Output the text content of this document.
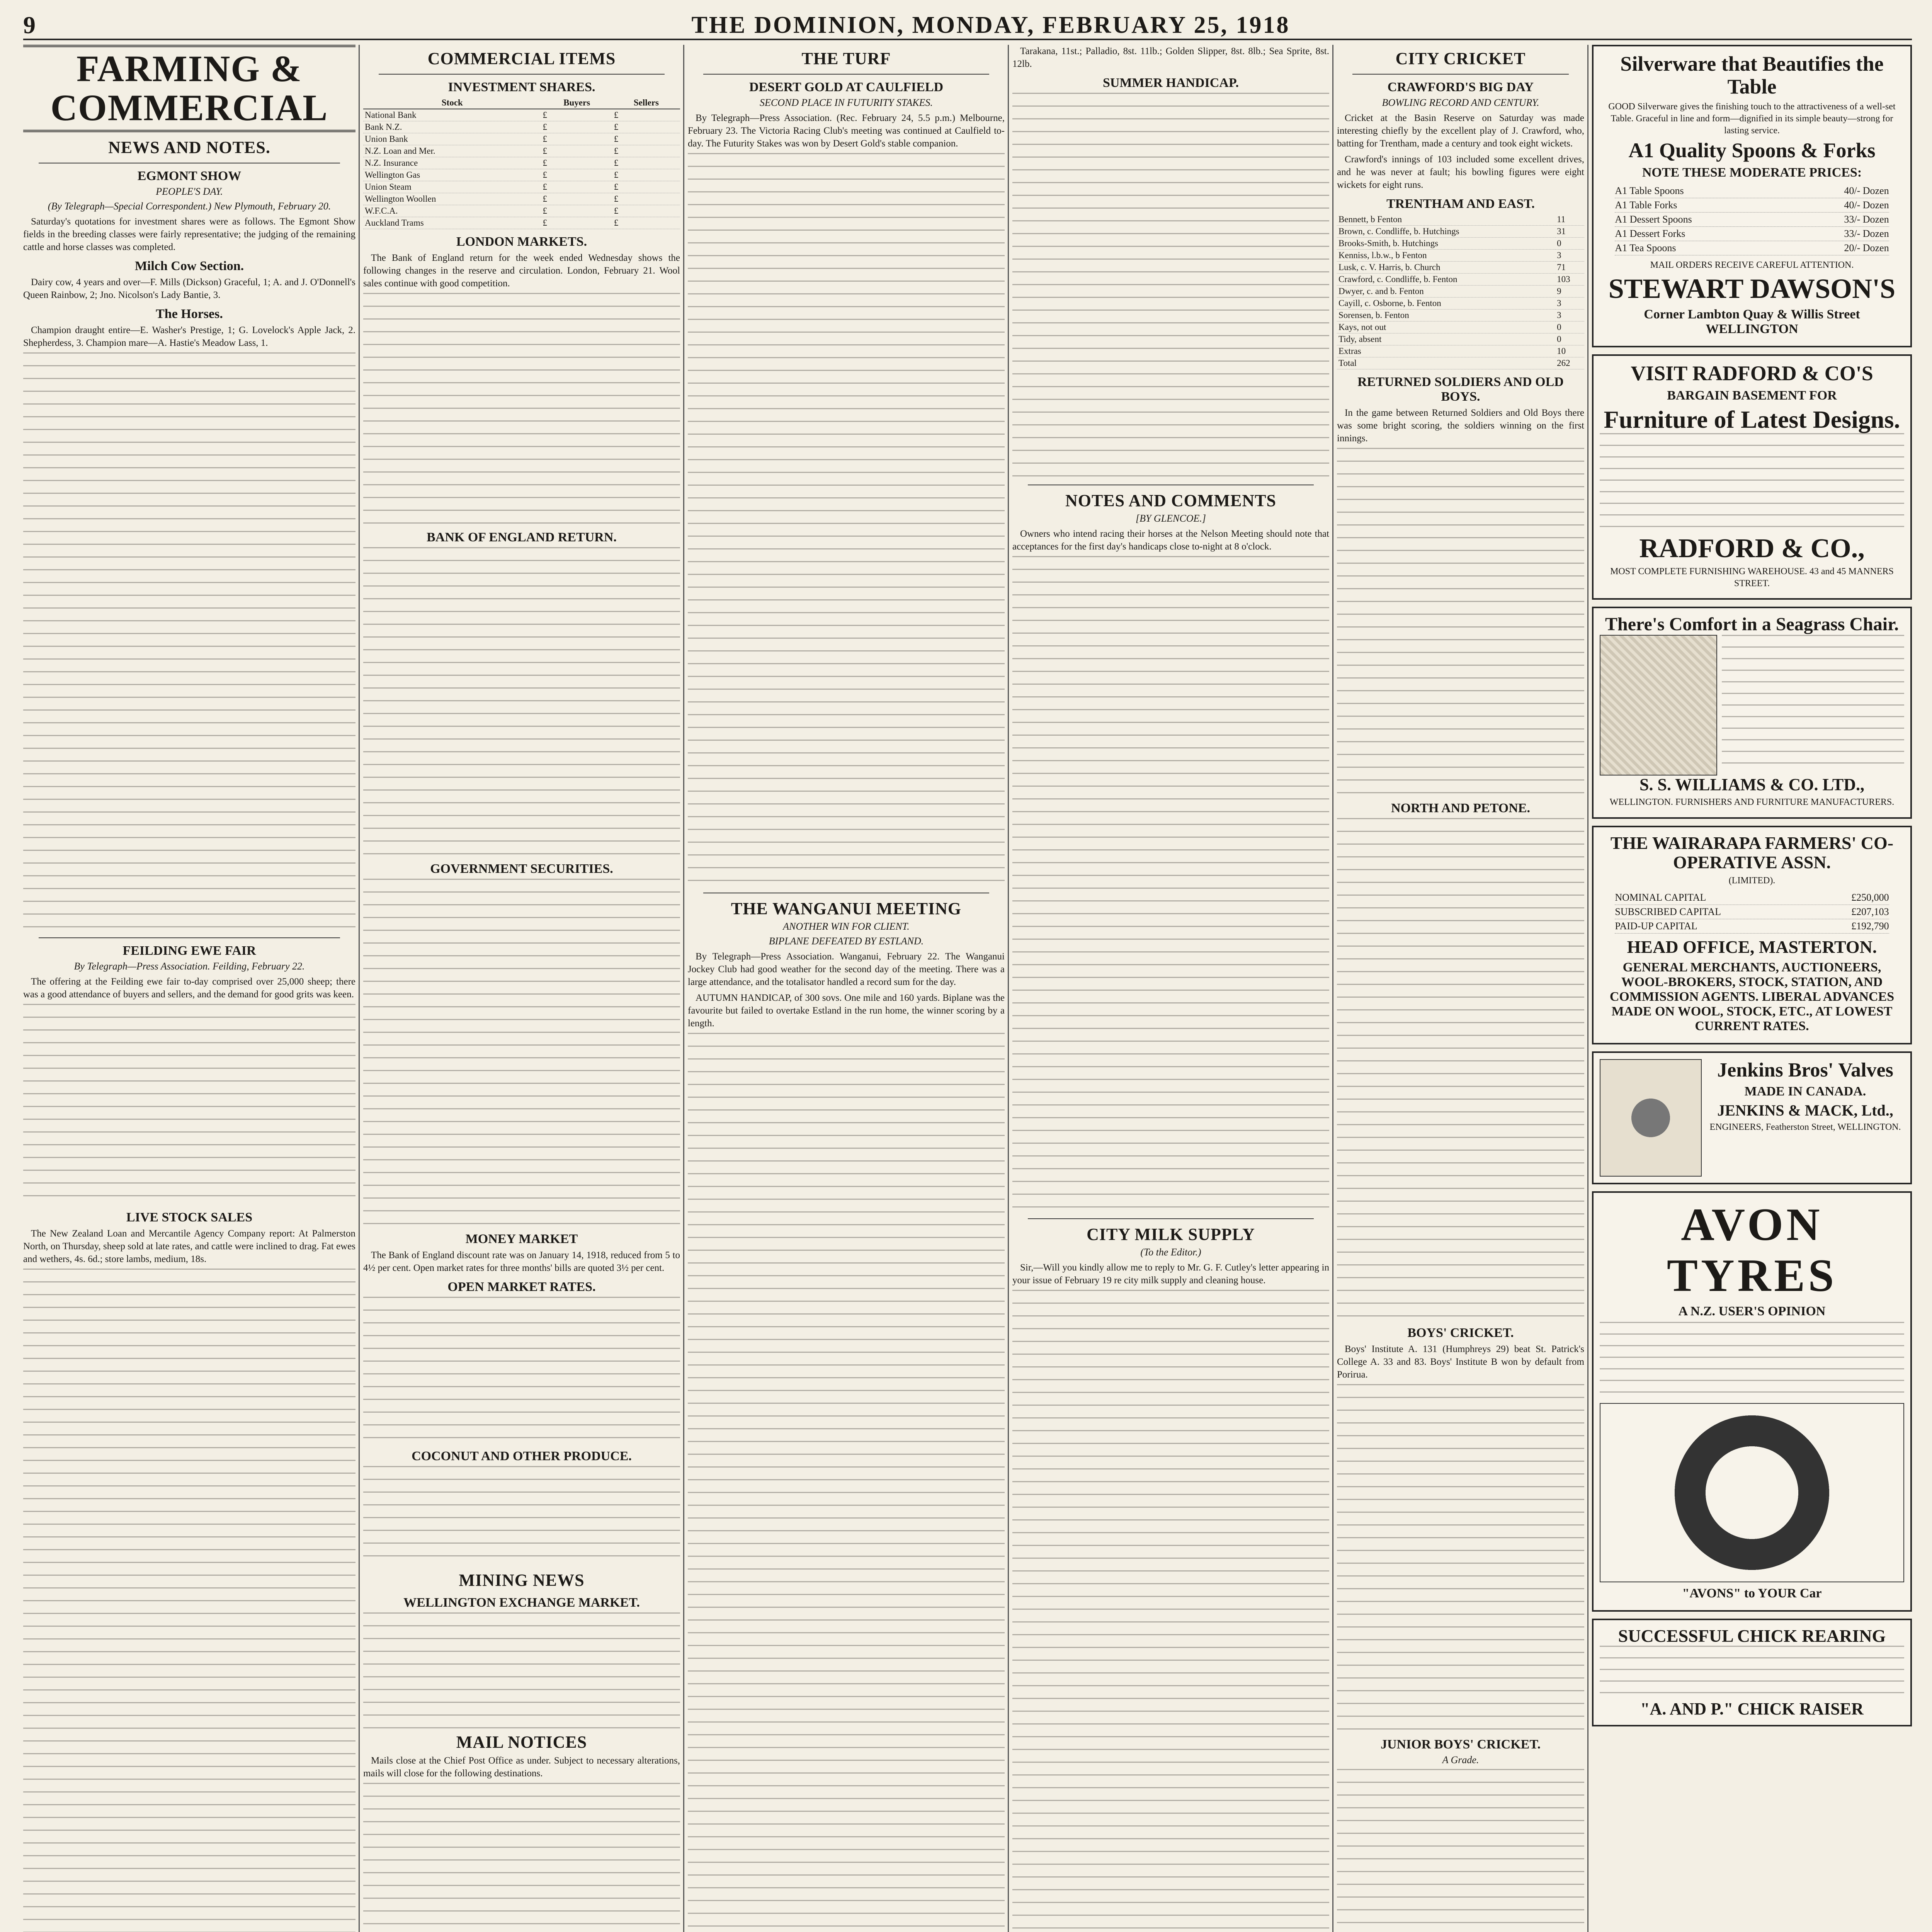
9	THE DOMINION, MONDAY, FEBRUARY 25, 1918
FARMING & COMMERCIAL
NEWS AND NOTES.
EGMONT SHOW
PEOPLE'S DAY.
(By Telegraph—Special Correspondent.) New Plymouth, February 20.

Saturday's quotations for investment shares were as follows. The Egmont Show fields in the breeding classes were fairly representative; the judging of the remaining cattle and horse classes was completed.

Milch Cow Section.

Dairy cow, 4 years and over—F. Mills (Dickson) Graceful, 1; A. and J. O'Donnell's Queen Rainbow, 2; Jno. Nicolson's Lady Bantie, 3.

The Horses.

Champion draught entire—E. Washer's Prestige, 1; G. Lovelock's Apple Jack, 2. Shepherdess, 3. Champion mare—A. Hastie's Meadow Lass, 1.

FEILDING EWE FAIR
By Telegraph—Press Association. Feilding, February 22.

The offering at the Feilding ewe fair to-day comprised over 25,000 sheep; there was a good attendance of buyers and sellers, and the demand for good grits was keen.

LIVE STOCK SALES

The New Zealand Loan and Mercantile Agency Company report: At Palmerston North, on Thursday, sheep sold at late rates, and cattle were inclined to drag. Fat ewes and wethers, 4s. 6d.; store lambs, medium, 18s.

COMMERCIAL ITEMS
INVESTMENT SHARES.
Stock	Buyers	Sellers
National Bank	£	£
Bank N.Z.	£	£
Union Bank	£	£
N.Z. Loan and Mer.	£	£
N.Z. Insurance	£	£
Wellington Gas	£	£
Union Steam	£	£
Wellington Woollen	£	£
W.F.C.A.	£	£
Auckland Trams	£	£
LONDON MARKETS.

The Bank of England return for the week ended Wednesday shows the following changes in the reserve and circulation. London, February 21. Wool sales continue with good competition.

BANK OF ENGLAND RETURN.
GOVERNMENT SECURITIES.
MONEY MARKET

The Bank of England discount rate was on January 14, 1918, reduced from 5 to 4½ per cent. Open market rates for three months' bills are quoted 3½ per cent.

OPEN MARKET RATES.
COCONUT AND OTHER PRODUCE.
MINING NEWS
WELLINGTON EXCHANGE MARKET.
MAIL NOTICES

Mails close at the Chief Post Office as under. Subject to necessary alterations, mails will close for the following destinations.

THE TURF
DESERT GOLD AT CAULFIELD
SECOND PLACE IN FUTURITY STAKES.

By Telegraph—Press Association. (Rec. February 24, 5.5 p.m.) Melbourne, February 23. The Victoria Racing Club's meeting was continued at Caulfield to-day. The Futurity Stakes was won by Desert Gold's stable companion.

THE WANGANUI MEETING
ANOTHER WIN FOR CLIENT.
BIPLANE DEFEATED BY ESTLAND.

By Telegraph—Press Association. Wanganui, February 22. The Wanganui Jockey Club had good weather for the second day of the meeting. There was a large attendance, and the totalisator handled a record sum for the day.

AUTUMN HANDICAP, of 300 sovs. One mile and 160 yards. Biplane was the favourite but failed to overtake Estland in the run home, the winner scoring by a length.

Tarakana, 11st.; Palladio, 8st. 11lb.; Golden Slipper, 8st. 8lb.; Sea Sprite, 8st. 12lb.

SUMMER HANDICAP.
NOTES AND COMMENTS
[BY GLENCOE.]

Owners who intend racing their horses at the Nelson Meeting should note that acceptances for the first day's handicaps close to-night at 8 o'clock.

CITY MILK SUPPLY
(To the Editor.)

Sir,—Will you kindly allow me to reply to Mr. G. F. Cutley's letter appearing in your issue of February 19 re city milk supply and cleaning house.

CITY CRICKET
CRAWFORD'S BIG DAY
BOWLING RECORD AND CENTURY.

Cricket at the Basin Reserve on Saturday was made interesting chiefly by the excellent play of J. Crawford, who, batting for Trentham, made a century and took eight wickets.

Crawford's innings of 103 included some excellent drives, and he was never at fault; his bowling figures were eight wickets for eight runs.

TRENTHAM AND EAST.
Bennett, b Fenton	11
Brown, c. Condliffe, b. Hutchings	31
Brooks-Smith, b. Hutchings	0
Kenniss, l.b.w., b Fenton	3
Lusk, c. V. Harris, b. Church	71
Crawford, c. Condliffe, b. Fenton	103
Dwyer, c. and b. Fenton	9
Cayill, c. Osborne, b. Fenton	3
Sorensen, b. Fenton	3
Kays, not out	0
Tidy, absent	0
Extras	10
Total	262
RETURNED SOLDIERS AND OLD BOYS.

In the game between Returned Soldiers and Old Boys there was some bright scoring, the soldiers winning on the first innings.

NORTH AND PETONE.
BOYS' CRICKET.

Boys' Institute A. 131 (Humphreys 29) beat St. Patrick's College A. 33 and 83. Boys' Institute B won by default from Porirua.

JUNIOR BOYS' CRICKET.
A Grade.
Silverware that Beautifies the Table
GOOD Silverware gives the finishing touch to the attractiveness of a well-set Table. Graceful in line and form—dignified in its simple beauty—strong for lasting service.
A1 Quality Spoons & Forks
NOTE THESE MODERATE PRICES:
A1 Table Spoons	40/- Dozen
A1 Table Forks	40/- Dozen
A1 Dessert Spoons	33/- Dozen
A1 Dessert Forks	33/- Dozen
A1 Tea Spoons	20/- Dozen
MAIL ORDERS RECEIVE CAREFUL ATTENTION.
STEWART DAWSON'S
Corner Lambton Quay & Willis Street WELLINGTON
VISIT RADFORD & CO'S
BARGAIN BASEMENT FOR
Furniture of Latest Designs.
RADFORD & CO.,
MOST COMPLETE FURNISHING WAREHOUSE. 43 and 45 MANNERS STREET.
There's Comfort in a Seagrass Chair.
S. S. WILLIAMS & CO. LTD.,
WELLINGTON. FURNISHERS AND FURNITURE MANUFACTURERS.
THE WAIRARAPA FARMERS' CO-OPERATIVE ASSN.
(LIMITED).
NOMINAL CAPITAL	£250,000
SUBSCRIBED CAPITAL	£207,103
PAID-UP CAPITAL	£192,790
HEAD OFFICE, MASTERTON.
GENERAL MERCHANTS, AUCTIONEERS, WOOL-BROKERS, STOCK, STATION, AND COMMISSION AGENTS. LIBERAL ADVANCES MADE ON WOOL, STOCK, ETC., AT LOWEST CURRENT RATES.
Jenkins Bros' Valves
MADE IN CANADA.
JENKINS & MACK, Ltd.,
ENGINEERS, Featherston Street, WELLINGTON.
AVON TYRES
A N.Z. USER'S OPINION
"AVONS" to YOUR Car
SUCCESSFUL CHICK REARING
"A. AND P." CHICK RAISER
